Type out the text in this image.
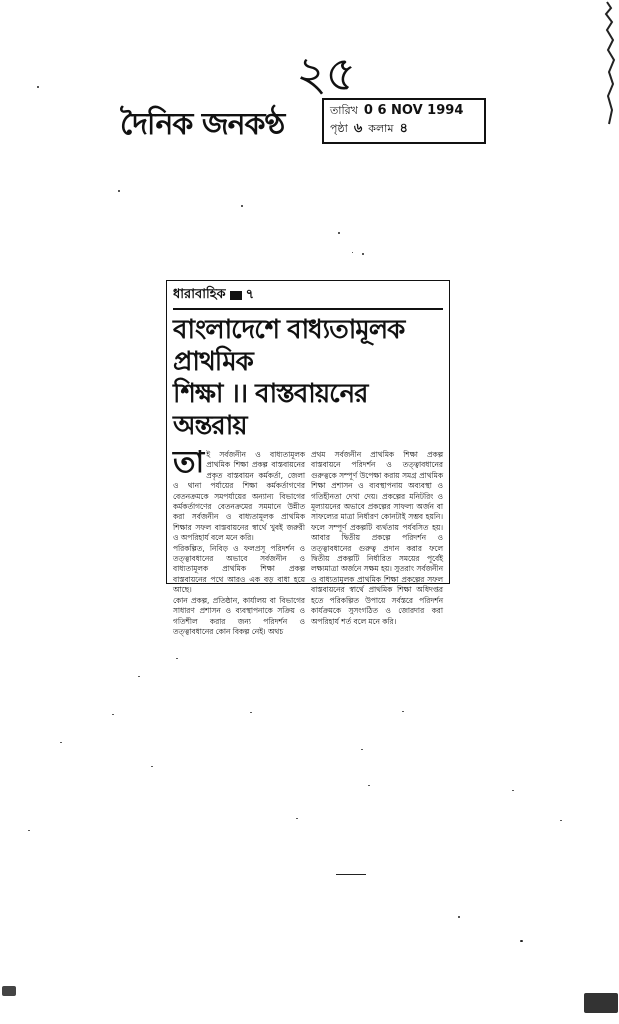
২৫
দৈনিক জনকণ্ঠ	তারিখ 0 6 NOV 1994
পৃষ্ঠা ৬ কলাম ৪
ধারাবাহিক ৭
বাংলাদেশে বাধ্যতামূলক প্রাথমিক
শিক্ষা ।। বাস্তবায়নের অন্তরায়
তা ই সর্বজনীন ও বাধ্যতামূলক প্রাথমিক শিক্ষা প্রকল্প বাস্তবায়নের প্রকৃত বাস্তবায়ন কর্মকর্তা, জেলা ও থানা পর্যায়ের শিক্ষা কর্মকর্তাগণের বেতনক্রমকে সমপর্যায়ের অন্যান্য বিভাগের কর্মকর্তাগণের বেতনক্রমের সমমানে উন্নীত করা সর্বজনীন ও বাধ্যতামূলক প্রাথমিক শিক্ষার সফল বাস্তবায়নের স্বার্থে খুবই জরুরী ও অপরিহার্য বলে মনে করি।

পরিকল্পিত, নিবিড় ও ফলপ্রসূ পরিদর্শন ও তত্ত্বাবধানের অভাবে সর্বজনীন ও বাধ্যতামূলক প্রাথমিক শিক্ষা প্রকল্প বাস্তবায়নের পথে আরও এক বড় বাধা হয়ে আছে।

কোন প্রকল্প, প্রতিষ্ঠান, কার্যালয় বা বিভাগের সাধারণ প্রশাসন ও ব্যবস্থাপনাকে সক্রিয় ও গতিশীল করার জন্য পরিদর্শন ও তত্ত্বাবধানের কোন বিকল্প নেই। অথচ

প্রথম সর্বজনীন প্রাথমিক শিক্ষা প্রকল্প বাস্তবায়নে পরিদর্শন ও তত্ত্বাবধানের গুরুত্বকে সম্পূর্ণ উপেক্ষা করায় সমগ্র প্রাথমিক শিক্ষা প্রশাসন ও ব্যবস্থাপনায় অব্যবস্থা ও গতিহীনতা দেখা দেয়। প্রকল্পের মনিটরিং ও মূল্যায়নের অভাবে প্রকল্পের সাফল্য অর্জন বা সাফল্যের মাত্রা নির্ধারণ কোনটাই সম্ভব হয়নি। ফলে সম্পূর্ণ প্রকল্পটি ব্যর্থতায় পর্যবসিত হয়। আবার দ্বিতীয় প্রকল্পে পরিদর্শন ও তত্ত্বাবধানের গুরুত্ব প্রদান করার ফলে দ্বিতীয় প্রকল্পটি নির্ধারিত সময়ের পূর্বেই লক্ষ্যমাত্রা অর্জনে সক্ষম হয়। সুতরাং সর্বজনীন ও বাধ্যতামূলক প্রাথমিক শিক্ষা প্রকল্পের সফল বাস্তবায়নের স্বার্থে প্রাথমিক শিক্ষা অধিদপ্তর হতে পরিকল্পিত উপায়ে সর্বস্তরে পরিদর্শন কার্যক্রমকে সুসংগঠিত ও জোরদার করা অপরিহার্য শর্ত বলে মনে করি।
